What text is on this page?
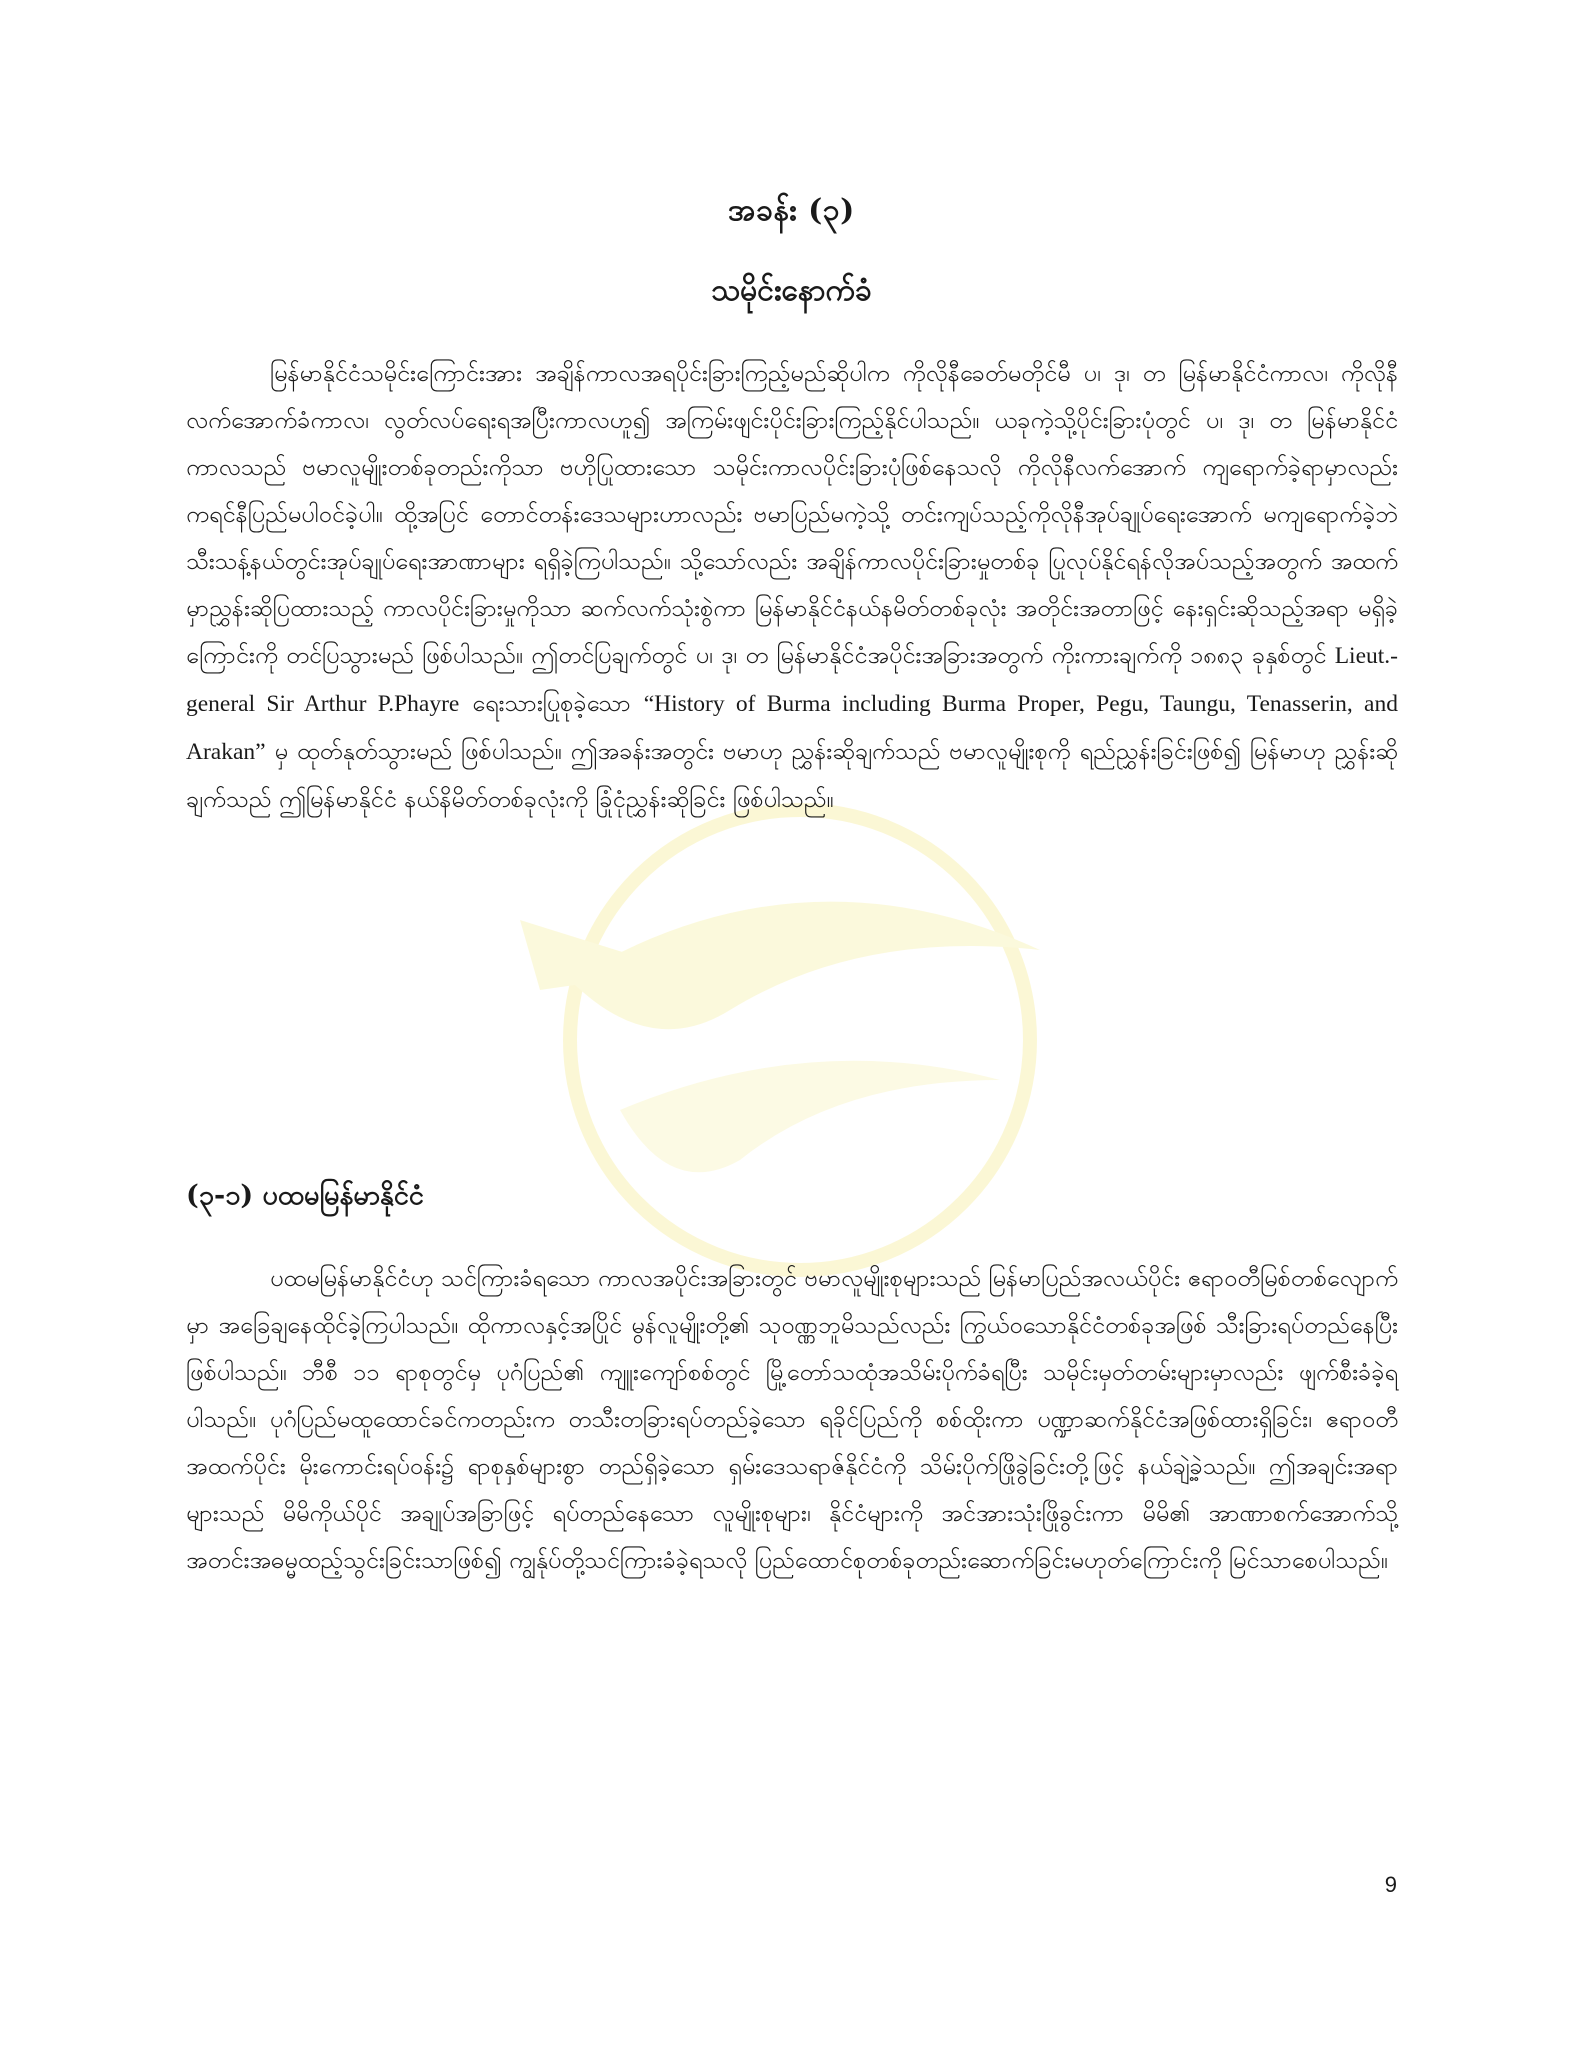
အခန်း (၃)
သမိုင်းနောက်ခံ
မြန်မာနိုင်ငံသမိုင်းကြောင်းအား အချိန်ကာလအရပိုင်းခြားကြည့်မည်ဆိုပါက ကိုလိုနီခေတ်မတိုင်မီ ပ၊ ဒု၊ တ မြန်မာနိုင်ငံကာလ၊ ကိုလိုနီလက်အောက်ခံကာလ၊ လွတ်လပ်ရေးရအပြီးကာလဟူ၍ အကြမ်းဖျင်းပိုင်းခြားကြည့်နိုင်ပါသည်။ ယခုကဲ့သို့ပိုင်းခြားပုံတွင် ပ၊ ဒု၊ တ မြန်မာနိုင်ငံကာလသည် ဗမာလူမျိုးတစ်ခုတည်းကိုသာ ဗဟိုပြုထားသော သမိုင်းကာလပိုင်းခြားပုံဖြစ်နေသလို ကိုလိုနီလက်အောက် ကျရောက်ခဲ့ရာမှာလည်း ကရင်နီပြည်မပါဝင်ခဲ့ပါ။ ထို့အပြင် တောင်တန်းဒေသများဟာလည်း ဗမာပြည်မကဲ့သို့ တင်းကျပ်သည့်ကိုလိုနီအုပ်ချုပ်ရေးအောက် မကျရောက်ခဲ့ဘဲ သီးသန့်နယ်တွင်းအုပ်ချုပ်ရေးအာဏာများ ရရှိခဲ့ကြပါသည်။ သို့သော်လည်း အချိန်ကာလပိုင်းခြားမှုတစ်ခု ပြုလုပ်နိုင်ရန်လိုအပ်သည့်အတွက် အထက်မှာညွှန်းဆိုပြထားသည့် ကာလပိုင်းခြားမှုကိုသာ ဆက်လက်သုံးစွဲကာ မြန်မာနိုင်ငံနယ်နမိတ်တစ်ခုလုံး အတိုင်းအတာဖြင့် နေးရှင်းဆိုသည့်အရာ မရှိခဲ့ကြောင်းကို တင်ပြသွားမည် ဖြစ်ပါသည်။ ဤတင်ပြချက်တွင် ပ၊ ဒု၊ တ မြန်မာနိုင်ငံအပိုင်းအခြားအတွက် ကိုးကားချက်ကို ၁၈၈၃ ခုနှစ်တွင် Lieut.-general Sir Arthur P.Phayre ရေးသားပြုစုခဲ့သော “History of Burma including Burma Proper, Pegu, Taungu, Tenasserin, and Arakan” မှ ထုတ်နုတ်သွားမည် ဖြစ်ပါသည်။ ဤအခန်းအတွင်း ဗမာဟု ညွှန်းဆိုချက်သည် ဗမာလူမျိုးစုကို ရည်ညွှန်းခြင်းဖြစ်၍ မြန်မာဟု ညွှန်းဆိုချက်သည် ဤမြန်မာနိုင်ငံ နယ်နိမိတ်တစ်ခုလုံးကို ခြုံငုံညွှန်းဆိုခြင်း ဖြစ်ပါသည်။
(၃-၁) ပထမမြန်မာနိုင်ငံ
ပထမမြန်မာနိုင်ငံဟု သင်ကြားခံရသော ကာလအပိုင်းအခြားတွင် ဗမာလူမျိုးစုများသည် မြန်မာပြည်အလယ်ပိုင်း ဧရာဝတီမြစ်တစ်လျောက်မှာ အခြေချနေထိုင်ခဲ့ကြပါသည်။ ထိုကာလနှင့်အပြိုင် မွန်လူမျိုးတို့၏ သုဝဏ္ဏဘူမိသည်လည်း ကြွယ်ဝသောနိုင်ငံတစ်ခုအဖြစ် သီးခြားရပ်တည်နေပြီးဖြစ်ပါသည်။ ဘီစီ ၁၁ ရာစုတွင်မှ ပုဂံပြည်၏ ကျူးကျော်စစ်တွင် မြို့တော်သထုံအသိမ်းပိုက်ခံရပြီး သမိုင်းမှတ်တမ်းများမှာလည်း ဖျက်စီးခံခဲ့ရပါသည်။ ပုဂံပြည်မထူထောင်ခင်ကတည်းက တသီးတခြားရပ်တည်ခဲ့သော ရခိုင်ပြည်ကို စစ်ထိုးကာ ပဏ္ဍာဆက်နိုင်ငံအဖြစ်ထားရှိခြင်း၊ ဧရာဝတီအထက်ပိုင်း မိုးကောင်းရပ်ဝန်း၌ ရာစုနှစ်များစွာ တည်ရှိခဲ့သော ရှမ်းဒေသရာဇ်နိုင်ငံကို သိမ်းပိုက်ဖြိုခွဲခြင်းတို့ဖြင့် နယ်ချဲ့ခဲ့သည်။ ဤအချင်းအရာများသည် မိမိကိုယ်ပိုင် အချုပ်အခြာဖြင့် ရပ်တည်နေသော လူမျိုးစုများ၊ နိုင်ငံများကို အင်အားသုံးဖြိုခွင်းကာ မိမိ၏ အာဏာစက်အောက်သို့ အတင်းအဓမ္မထည့်သွင်းခြင်းသာဖြစ်၍ ကျွန်ုပ်တို့သင်ကြားခံခဲ့ရသလို ပြည်ထောင်စုတစ်ခုတည်းဆောက်ခြင်းမဟုတ်ကြောင်းကို မြင်သာစေပါသည်။
9
